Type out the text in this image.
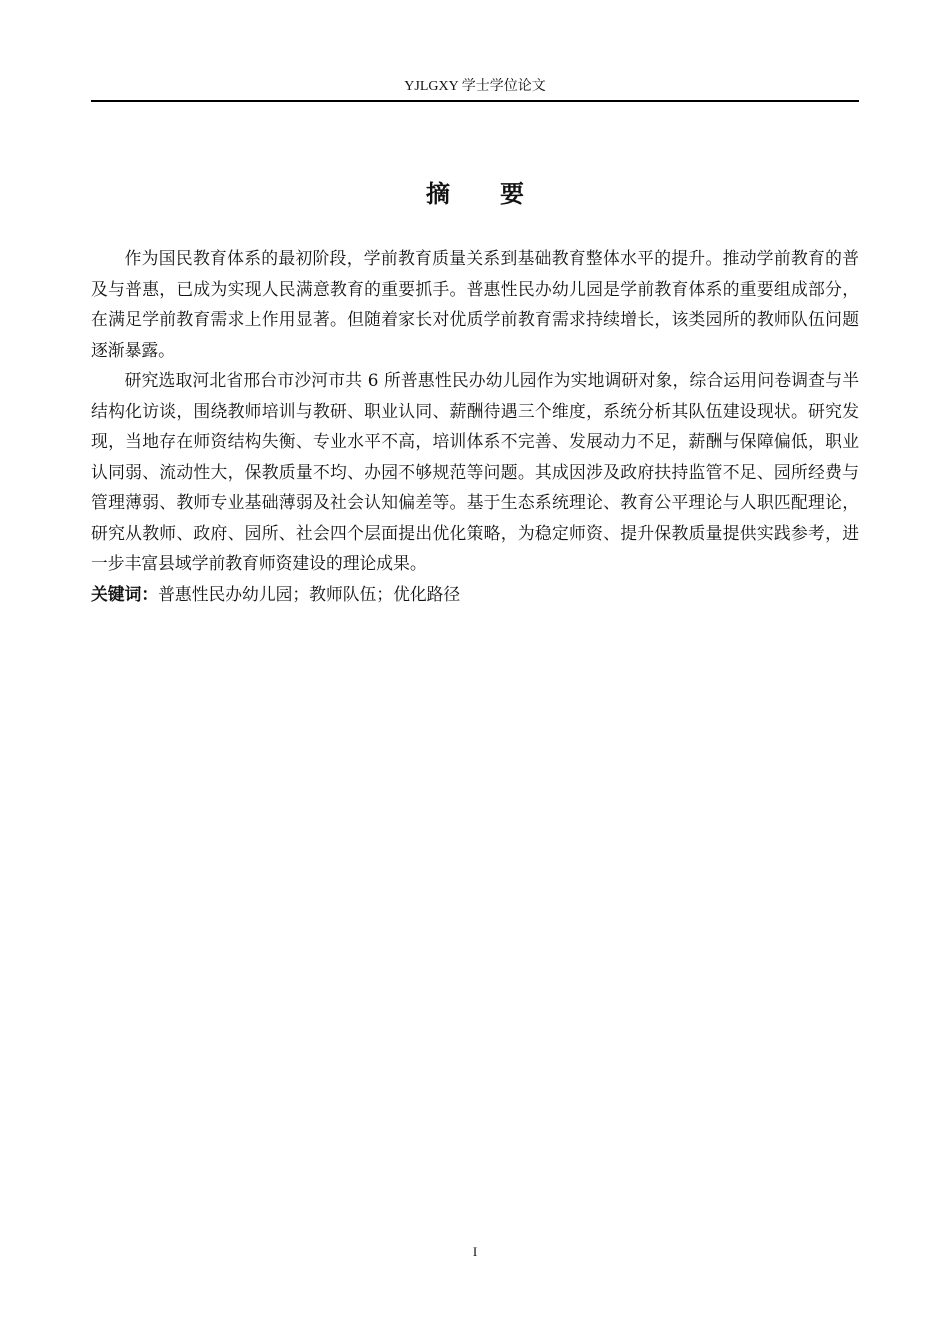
YJLGXY 学士学位论文
摘要

作为国民教育体系的最初阶段，学前教育质量关系到基础教育整体水平的提升。推动学前教育的普及与普惠，已成为实现人民满意教育的重要抓手。普惠性民办幼儿园是学前教育体系的重要组成部分，在满足学前教育需求上作用显著。但随着家长对优质学前教育需求持续增长，该类园所的教师队伍问题逐渐暴露。

研究选取河北省邢台市沙河市共 6 所普惠性民办幼儿园作为实地调研对象，综合运用问卷调查与半结构化访谈，围绕教师培训与教研、职业认同、薪酬待遇三个维度，系统分析其队伍建设现状。研究发现，当地存在师资结构失衡、专业水平不高，培训体系不完善、发展动力不足，薪酬与保障偏低，职业认同弱、流动性大，保教质量不均、办园不够规范等问题。其成因涉及政府扶持监管不足、园所经费与管理薄弱、教师专业基础薄弱及社会认知偏差等。基于生态系统理论、教育公平理论与人职匹配理论，研究从教师、政府、园所、社会四个层面提出优化策略，为稳定师资、提升保教质量提供实践参考，进一步丰富县域学前教育师资建设的理论成果。

关键词：普惠性民办幼儿园；教师队伍；优化路径

I
